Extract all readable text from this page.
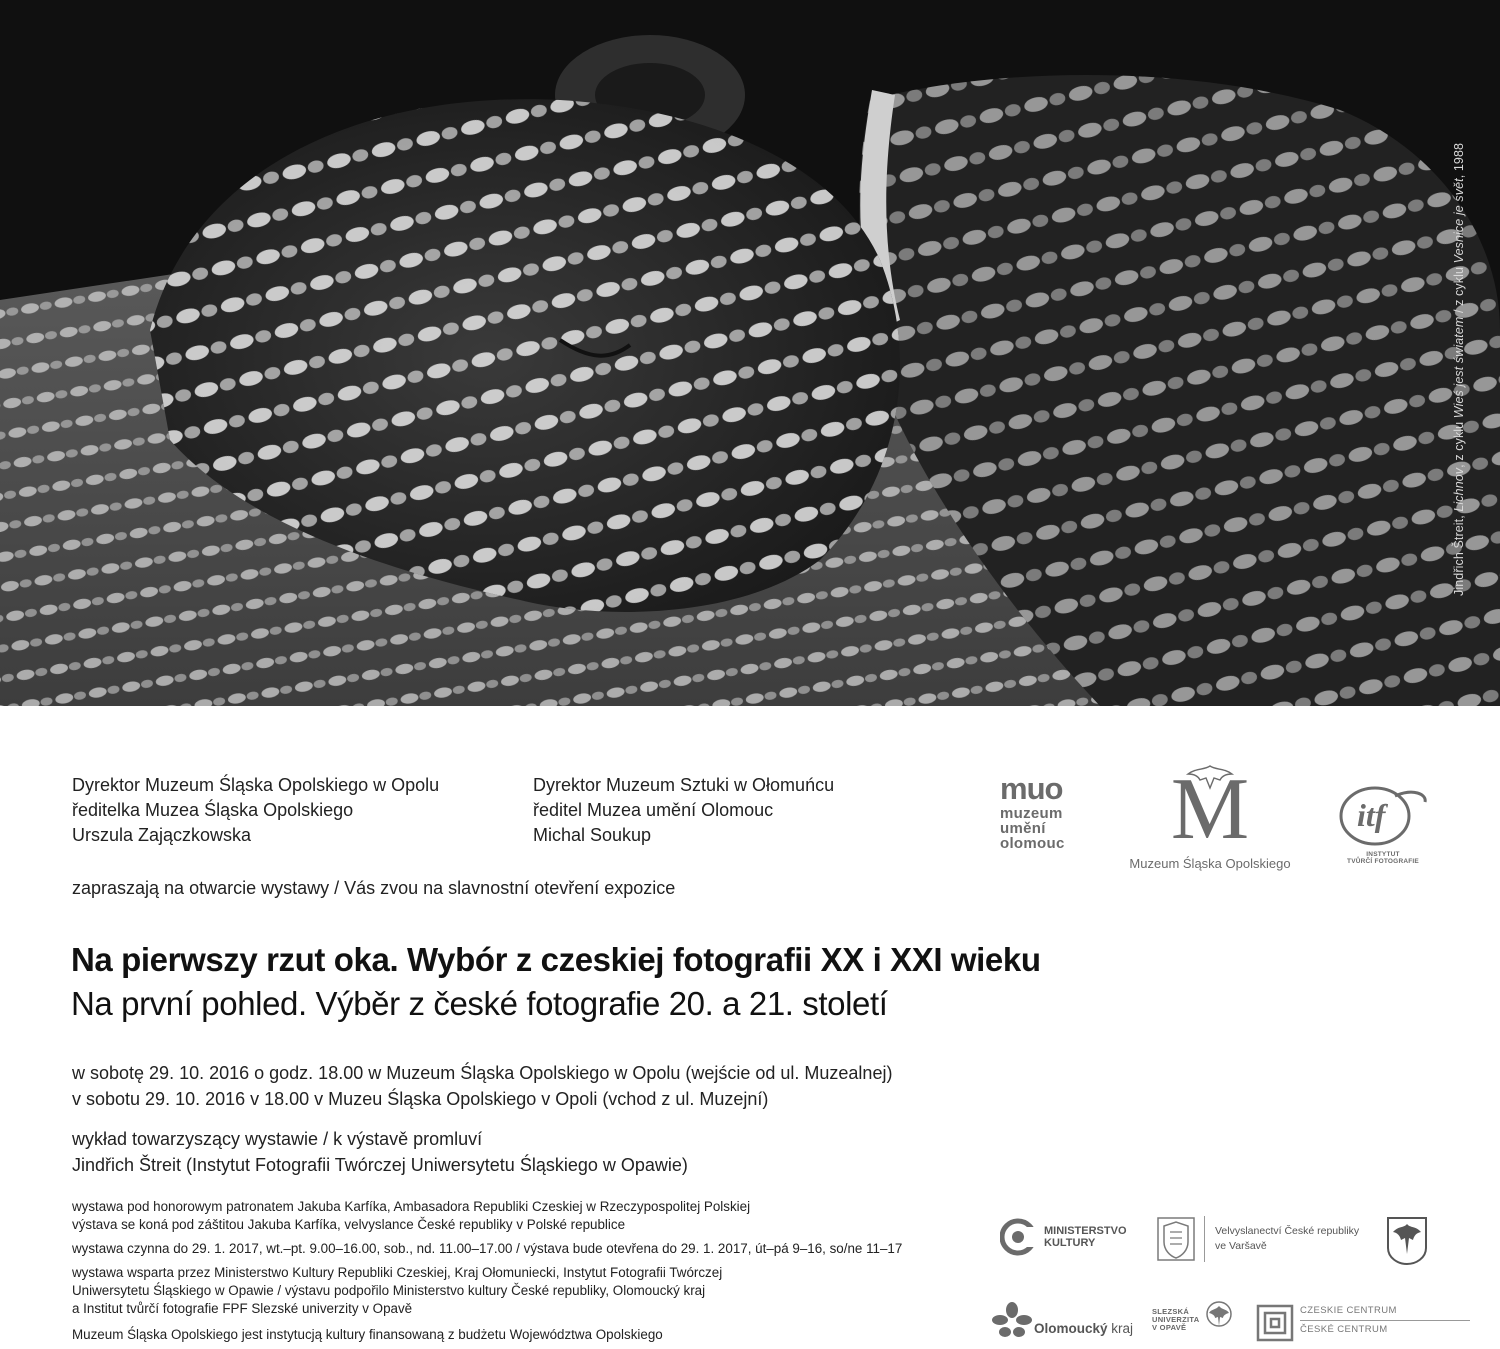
Jindřich Štreit, Lichnov, z cyklu Wieś jest światem / z cyklu Vesnice je svět, 1988
Dyrektor Muzeum Śląska Opolskiego w Opolu
ředitelka Muzea Śląska Opolskiego
Urszula Zajączkowska
Dyrektor Muzeum Sztuki w Ołomuńcu
ředitel Muzea umění Olomouc
Michal Soukup
zapraszają na otwarcie wystawy / Vás zvou na slavnostní otevření expozice
Na pierwszy rzut oka. Wybór z czeskiej fotografii XX i XXI wieku
Na první pohled. Výběr z české fotografie 20. a 21. století
w sobotę 29. 10. 2016 o godz. 18.00 w Muzeum Śląska Opolskiego w Opolu (wejście od ul. Muzealnej)
v sobotu 29. 10. 2016 v 18.00 v Muzeu Śląska Opolskiego v Opoli (vchod z ul. Muzejní)
wykład towarzyszący wystawie / k výstavě promluví
Jindřich Štreit (Instytut Fotografii Twórczej Uniwersytetu Śląskiego w Opawie)
wystawa pod honorowym patronatem Jakuba Karfíka, Ambasadora Republiki Czeskiej w Rzeczypospolitej Polskiej
výstava se koná pod záštitou Jakuba Karfíka, velvyslance České republiky v Polské republice
wystawa czynna do 29. 1. 2017, wt.–pt. 9.00–16.00, sob., nd. 11.00–17.00 / výstava bude otevřena do 29. 1. 2017, út–pá 9–16, so/ne 11–17
wystawa wsparta przez Ministerstwo Kultury Republiki Czeskiej, Kraj Ołomuniecki, Instytut Fotografii Twórczej
Uniwersytetu Śląskiego w Opawie / výstavu podpořilo Ministerstvo kultury České republiky, Olomoucký kraj
a Institut tvůrčí fotografie FPF Slezské univerzity v Opavě
Muzeum Śląska Opolskiego jest instytucją kultury finansowaną z budżetu Województwa Opolskiego
muo
muzeum
umění
olomouc	M
Muzeum Śląska Opolskiego
itf
INSTYTUT
TVŮRČÍ FOTOGRAFIE
MINISTERSTVO
KULTURY
Velvyslanectví České republiky
ve Varšavě
Olomoucký kraj
SLEZSKÁ
UNIVERZITA
V OPAVĚ
CZESKIE CENTRUM
ČESKÉ CENTRUM
